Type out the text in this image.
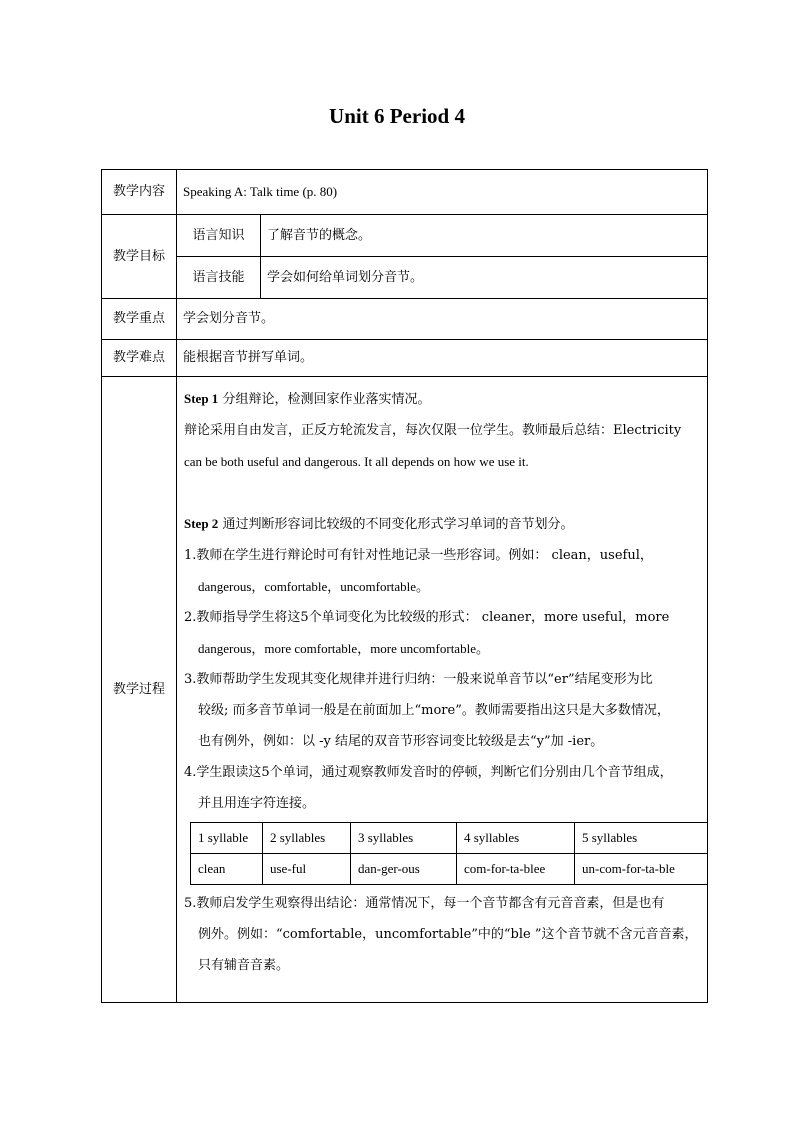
Unit 6 Period 4
教学内容	Speaking A: Talk time (p. 80)
教学目标	语言知识	了解音节的概念。
语言技能	学会如何给单词划分音节。
教学重点	学会划分音节。
教学难点	能根据音节拼写单词。
教学过程	

Step 1 分组辩论，检测回家作业落实情况。

辩论采用自由发言，正反方轮流发言，每次仅限一位学生。教师最后总结：Electricity

can be both useful and dangerous. It all depends on how we use it.

Step 2 通过判断形容词比较级的不同变化形式学习单词的音节划分。

1.教师在学生进行辩论时可有针对性地记录一些形容词。例如： clean，useful，

dangerous，comfortable，uncomfortable。

2.教师指导学生将这5个单词变化为比较级的形式： cleaner，more useful，more

dangerous，more comfortable，more uncomfortable。

3.教师帮助学生发现其变化规律并进行归纳：一般来说单音节以“er”结尾变形为比

较级; 而多音节单词一般是在前面加上“more”。教师需要指出这只是大多数情况，

也有例外，例如：以 -y 结尾的双音节形容词变比较级是去“y”加 -ier。

4.学生跟读这5个单词，通过观察教师发音时的停顿，判断它们分别由几个音节组成，

并且用连字符连接。

1 syllable	2 syllables	3 syllables	4 syllables	5 syllables
clean	use-ful	dan-ger-ous	com-for-ta-blee	un-com-for-ta-ble

5.教师启发学生观察得出结论：通常情况下，每一个音节都含有元音音素，但是也有

例外。例如：“comfortable，uncomfortable”中的“ble ”这个音节就不含元音音素，

只有辅音音素。
